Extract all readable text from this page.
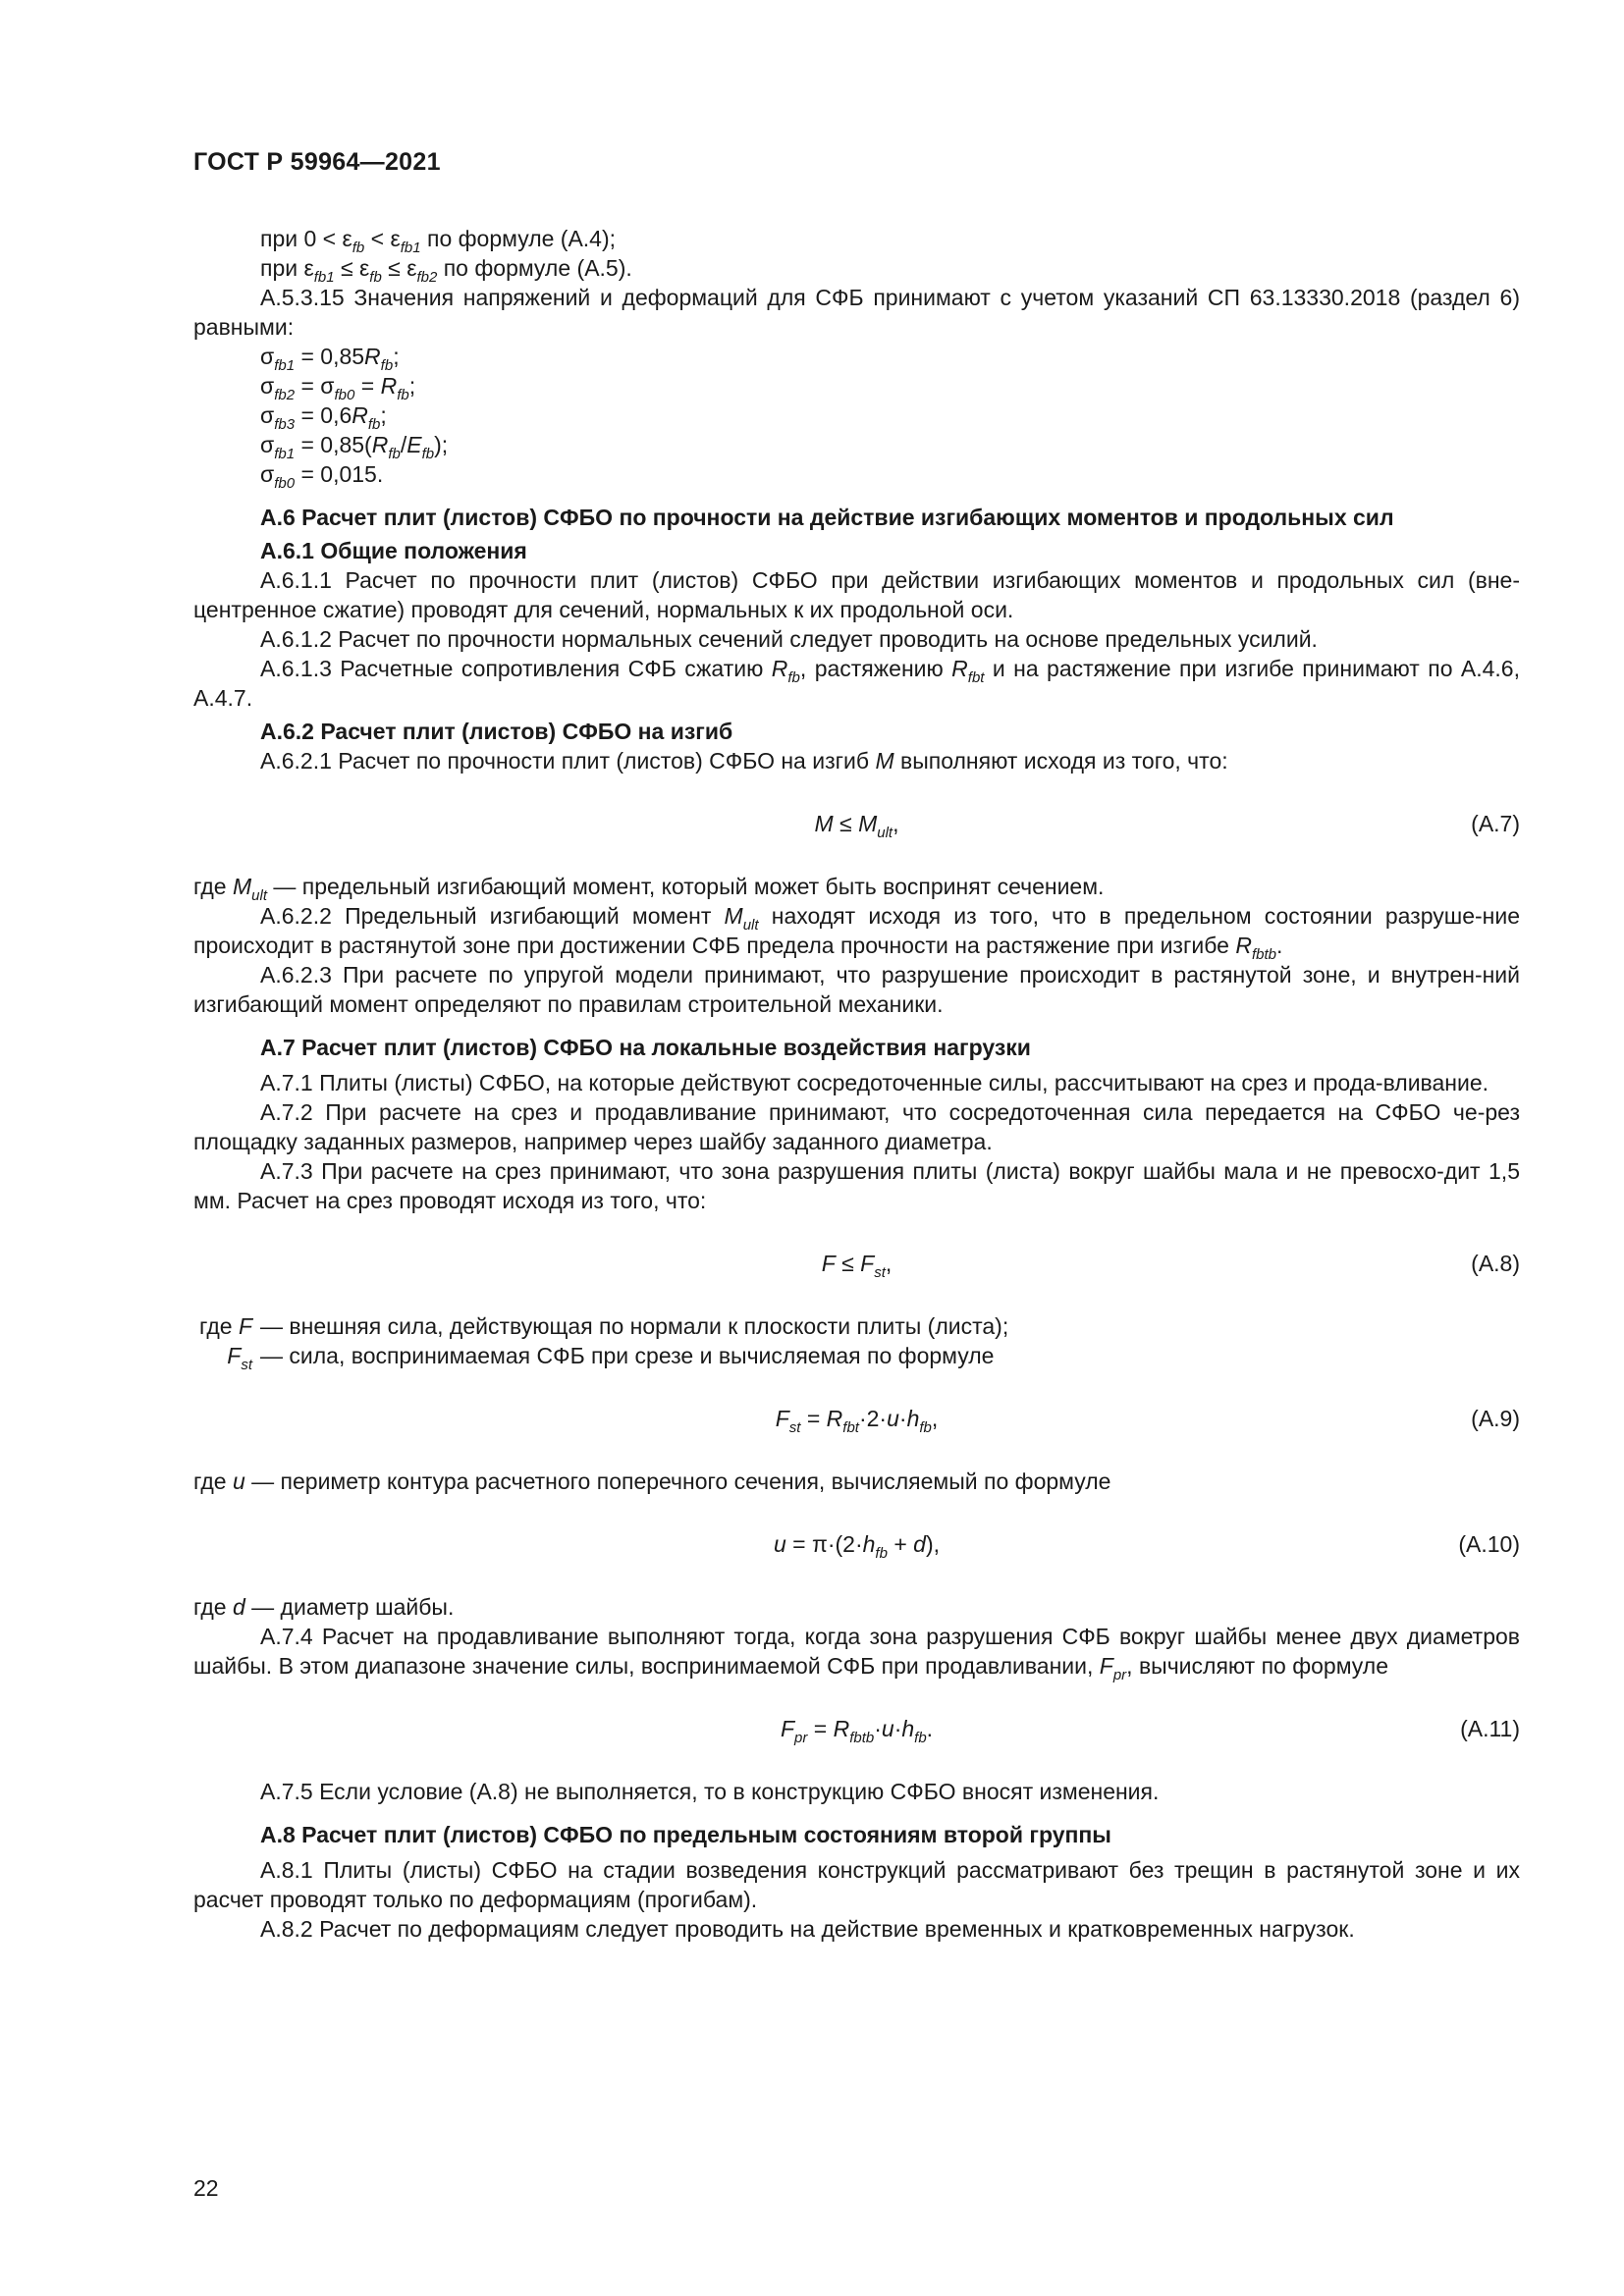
ГОСТ Р 59964—2021

при $0 < \varepsilon_{fb} < \varepsilon_{fb1}$ по формуле (А.4);

при $\varepsilon_{fb1} \le \varepsilon_{fb} \le \varepsilon_{fb2}$ по формуле (А.5).

А.5.3.15 Значения напряжений и деформаций для СФБ принимают с учетом указаний СП 63.13330.2018 (раздел 6) равными:

$\sigma_{fb1} = 0,85R_{fb}$;

$\sigma_{fb2} = \sigma_{fb0} = R_{fb}$;

$\sigma_{fb3} = 0,6R_{fb}$;

$\sigma_{fb1} = 0,85(R_{fb}/E_{fb})$;

$\sigma_{fb0} = 0,015$.

А.6 Расчет плит (листов) СФБО по прочности на действие изгибающих моментов и продольных сил

А.6.1 Общие положения

А.6.1.1 Расчет по прочности плит (листов) СФБО при действии изгибающих моментов и продольных сил (вне-центренное сжатие) проводят для сечений, нормальных к их продольной оси.

А.6.1.2 Расчет по прочности нормальных сечений следует проводить на основе предельных усилий.

А.6.1.3 Расчетные сопротивления СФБ сжатию $R_{fb}$, растяжению $R_{fbt}$ и на растяжение при изгибе принимают по А.4.6, А.4.7.

А.6.2 Расчет плит (листов) СФБО на изгиб

А.6.2.1 Расчет по прочности плит (листов) СФБО на изгиб M выполняют исходя из того, что:

$M \le M_{ult}$,	(А.7)

где $M_{ult}$ — предельный изгибающий момент, который может быть воспринят сечением.

А.6.2.2 Предельный изгибающий момент $M_{ult}$ находят исходя из того, что в предельном состоянии разруше-ние происходит в растянутой зоне при достижении СФБ предела прочности на растяжение при изгибе $R_{fbtb}$.

А.6.2.3 При расчете по упругой модели принимают, что разрушение происходит в растянутой зоне, и внутрен-ний изгибающий момент определяют по правилам строительной механики.

А.7 Расчет плит (листов) СФБО на локальные воздействия нагрузки

А.7.1 Плиты (листы) СФБО, на которые действуют сосредоточенные силы, рассчитывают на срез и прода-вливание.

А.7.2 При расчете на срез и продавливание принимают, что сосредоточенная сила передается на СФБО че-рез площадку заданных размеров, например через шайбу заданного диаметра.

А.7.3 При расчете на срез принимают, что зона разрушения плиты (листа) вокруг шайбы мала и не превосхо-дит 1,5 мм. Расчет на срез проводят исходя из того, что:

$F \le F_{st}$,	(А.8)
где F — внешняя сила, действующая по нормали к плоскости плиты (листа);
$F_{st}$ — сила, воспринимаемая СФБ при срезе и вычисляемая по формуле
$F_{st} = R_{fbt}\cdot 2\cdot u\cdot h_{fb}$,	(А.9)

где u — периметр контура расчетного поперечного сечения, вычисляемый по формуле

$u = \pi\cdot(2\cdot h_{fb} + d)$,	(А.10)

где d — диаметр шайбы.

А.7.4 Расчет на продавливание выполняют тогда, когда зона разрушения СФБ вокруг шайбы менее двух диаметров шайбы. В этом диапазоне значение силы, воспринимаемой СФБ при продавливании, $F_{pr}$, вычисляют по формуле

$F_{pr} = R_{fbtb}\cdot u\cdot h_{fb}$.	(А.11)

А.7.5 Если условие (А.8) не выполняется, то в конструкцию СФБО вносят изменения.

А.8 Расчет плит (листов) СФБО по предельным состояниям второй группы

А.8.1 Плиты (листы) СФБО на стадии возведения конструкций рассматривают без трещин в растянутой зоне и их расчет проводят только по деформациям (прогибам).

А.8.2 Расчет по деформациям следует проводить на действие временных и кратковременных нагрузок.

22
